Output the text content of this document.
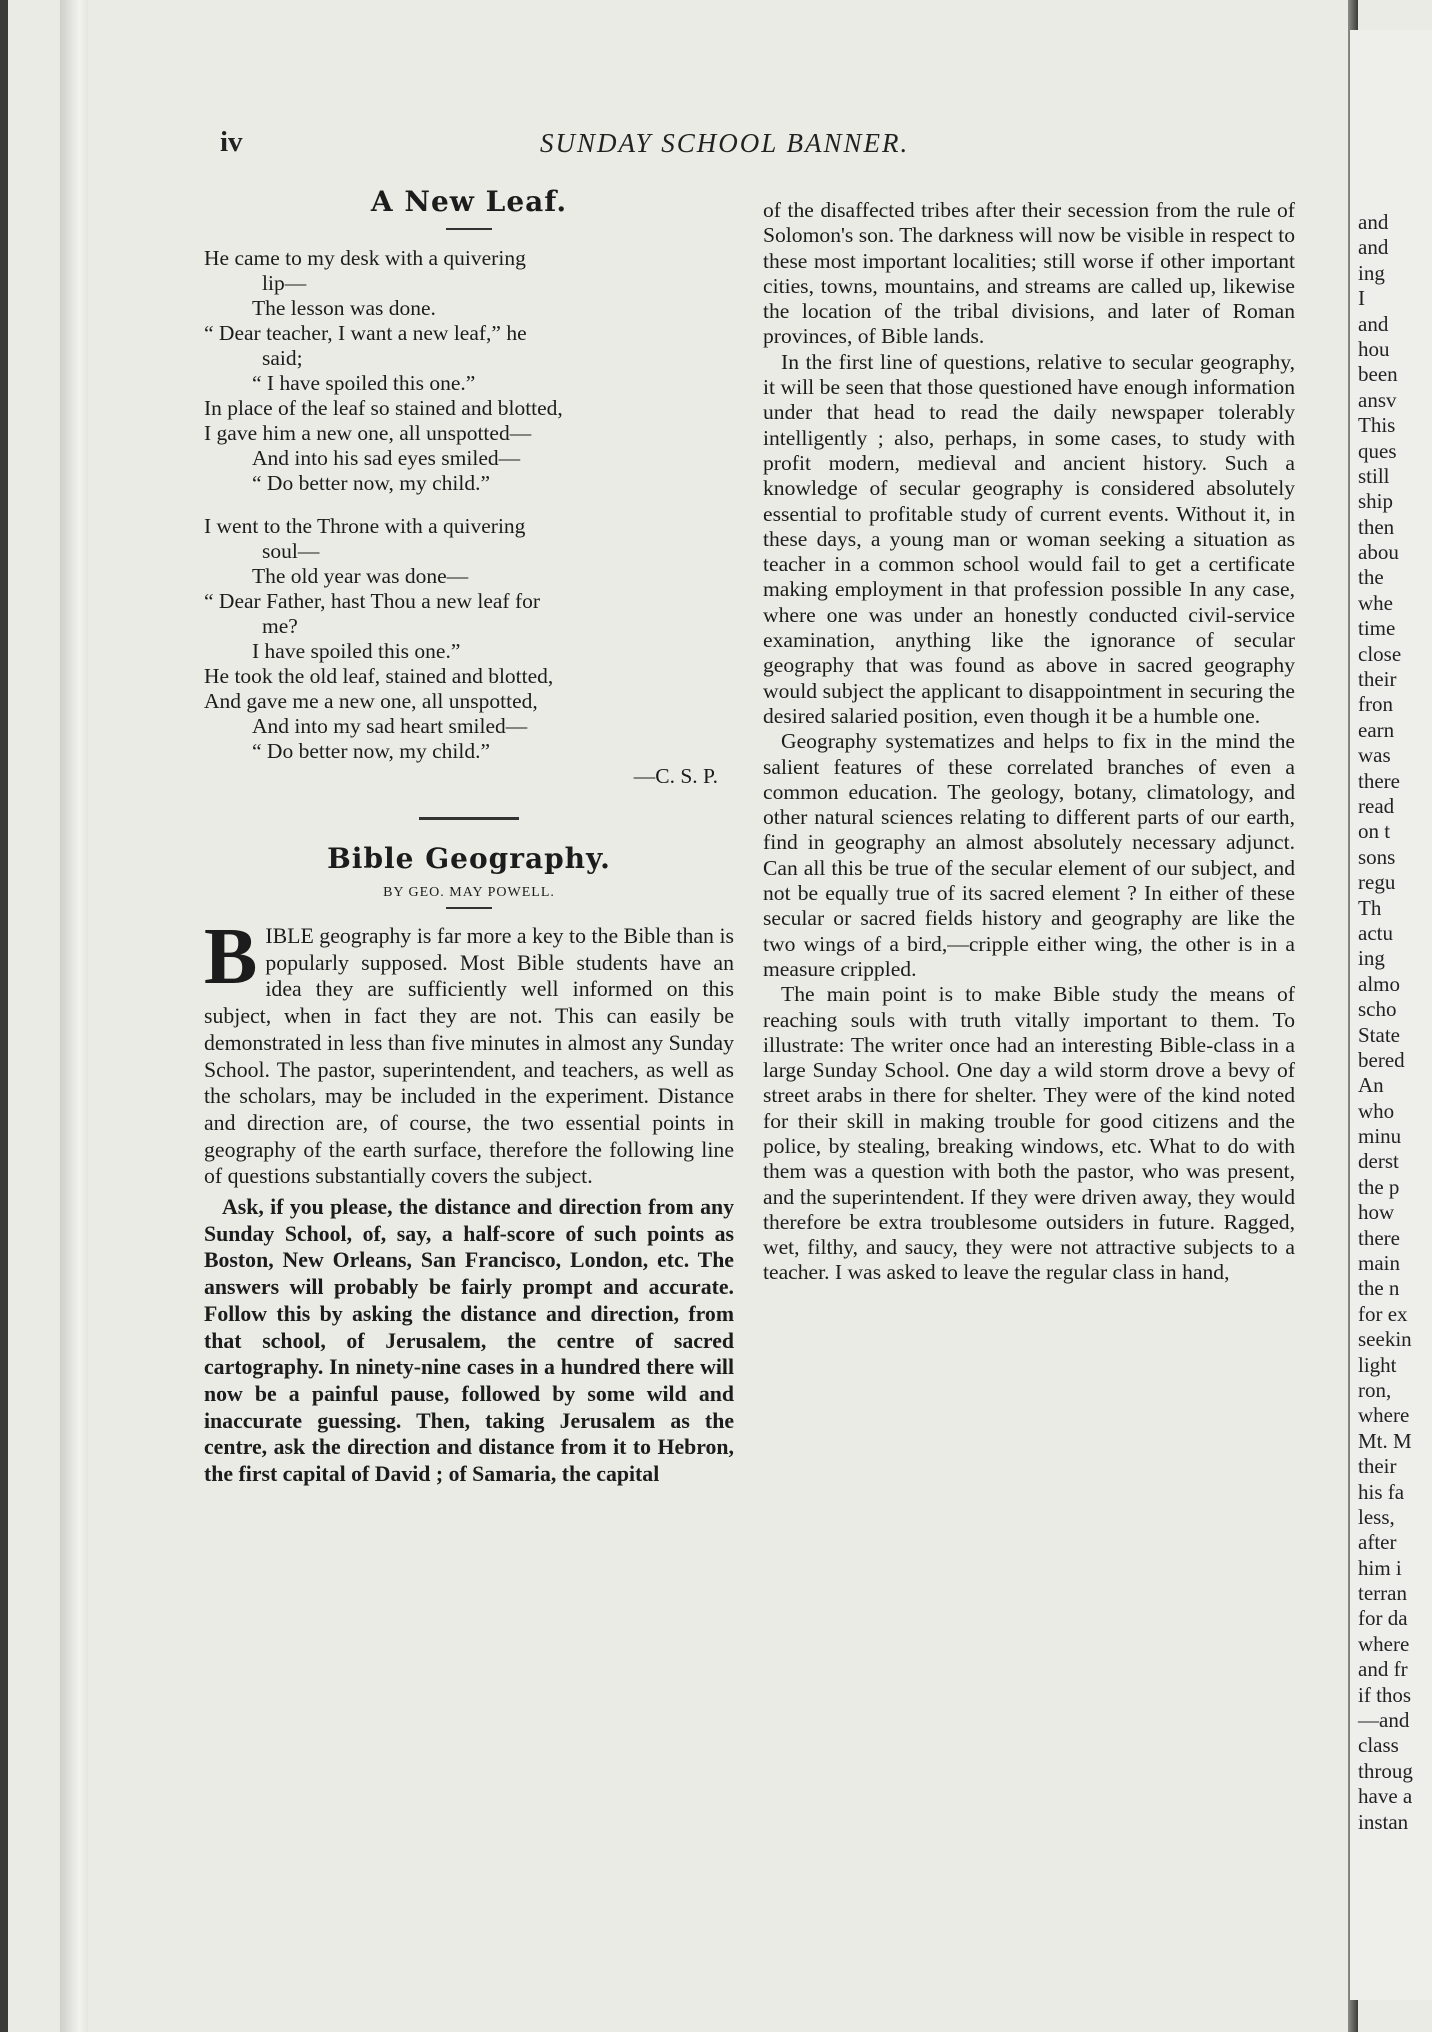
iv	SUNDAY SCHOOL BANNER.
A New Leaf.
He came to my desk with a quivering
lip—
The lesson was done.
“ Dear teacher, I want a new leaf,” he
said;
“ I have spoiled this one.”
In place of the leaf so stained and blotted,
I gave him a new one, all unspotted—
And into his sad eyes smiled—
“ Do better now, my child.”
I went to the Throne with a quivering
soul—
The old year was done—
“ Dear Father, hast Thou a new leaf for
me?
I have spoiled this one.”
He took the old leaf, stained and blotted,
And gave me a new one, all unspotted,
And into my sad heart smiled—
“ Do better now, my child.”
—C. S. P.
Bible Geography.
BY GEO. MAY POWELL.

BIBLE geography is far more a key to the Bible than is popularly supposed. Most Bible students have an idea they are sufficiently well informed on this subject, when in fact they are not. This can easily be demonstrated in less than five minutes in almost any Sunday School. The pastor, superintendent, and teachers, as well as the scholars, may be included in the experiment. Distance and direction are, of course, the two essential points in geography of the earth surface, therefore the following line of questions substantially covers the subject.

Ask, if you please, the distance and direction from any Sunday School, of, say, a half-score of such points as Boston, New Orleans, San Francisco, London, etc. The answers will probably be fairly prompt and accurate. Follow this by asking the distance and direction, from that school, of Jerusalem, the centre of sacred cartography. In ninety-nine cases in a hundred there will now be a painful pause, followed by some wild and inaccurate guessing. Then, taking Jerusalem as the centre, ask the direction and distance from it to Hebron, the first capital of David ; of Samaria, the capital

of the disaffected tribes after their secession from the rule of Solomon's son. The darkness will now be visible in respect to these most important localities; still worse if other important cities, towns, mountains, and streams are called up, likewise the location of the tribal divisions, and later of Roman provinces, of Bible lands.

In the first line of questions, relative to secular geography, it will be seen that those questioned have enough information under that head to read the daily newspaper tolerably intelligently ; also, perhaps, in some cases, to study with profit modern, medieval and ancient history. Such a knowledge of secular geography is considered absolutely essential to profitable study of current events. Without it, in these days, a young man or woman seeking a situation as teacher in a common school would fail to get a certificate making employment in that profession possible In any case, where one was under an honestly conducted civil-service examination, anything like the ignorance of secular geography that was found as above in sacred geography would subject the applicant to disappointment in securing the desired salaried position, even though it be a humble one.

Geography systematizes and helps to fix in the mind the salient features of these correlated branches of even a common education. The geology, botany, climatology, and other natural sciences relating to different parts of our earth, find in geography an almost absolutely necessary adjunct. Can all this be true of the secular element of our subject, and not be equally true of its sacred element ? In either of these secular or sacred fields history and geography are like the two wings of a bird,—cripple either wing, the other is in a measure crippled.

The main point is to make Bible study the means of reaching souls with truth vitally important to them. To illustrate: The writer once had an interesting Bible-class in a large Sunday School. One day a wild storm drove a bevy of street arabs in there for shelter. They were of the kind noted for their skill in making trouble for good citizens and the police, by stealing, breaking windows, etc. What to do with them was a question with both the pastor, who was present, and the superintendent. If they were driven away, they would therefore be extra troublesome outsiders in future. Ragged, wet, filthy, and saucy, they were not attractive subjects to a teacher. I was asked to leave the regular class in hand,

and
and
ing
I
and
hou
been
ansv
This
ques
still
ship
then
abou
the
whe
time
close
their
fron
earn
was
there
read
on t
sons
regu
Th
actu
ing
almo
scho
State
bered
An
who
minu
derst
the p
how
there
main
the n
for ex
seekin
light
ron,
where
Mt. M
their
his fa
less,
after
him i
terran
for da
where
and fr
if thos
—and
class
throug
have a
instan
